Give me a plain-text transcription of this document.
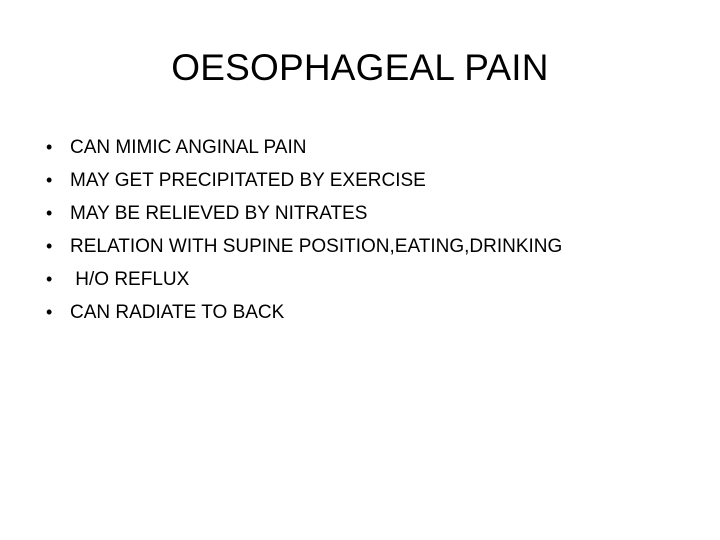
OESOPHAGEAL PAIN
• CAN MIMIC ANGINAL PAIN
• MAY GET PRECIPITATED BY EXERCISE
• MAY BE RELIEVED BY NITRATES
• RELATION WITH SUPINE POSITION,EATING,DRINKING
• H/O REFLUX
• CAN RADIATE TO BACK
